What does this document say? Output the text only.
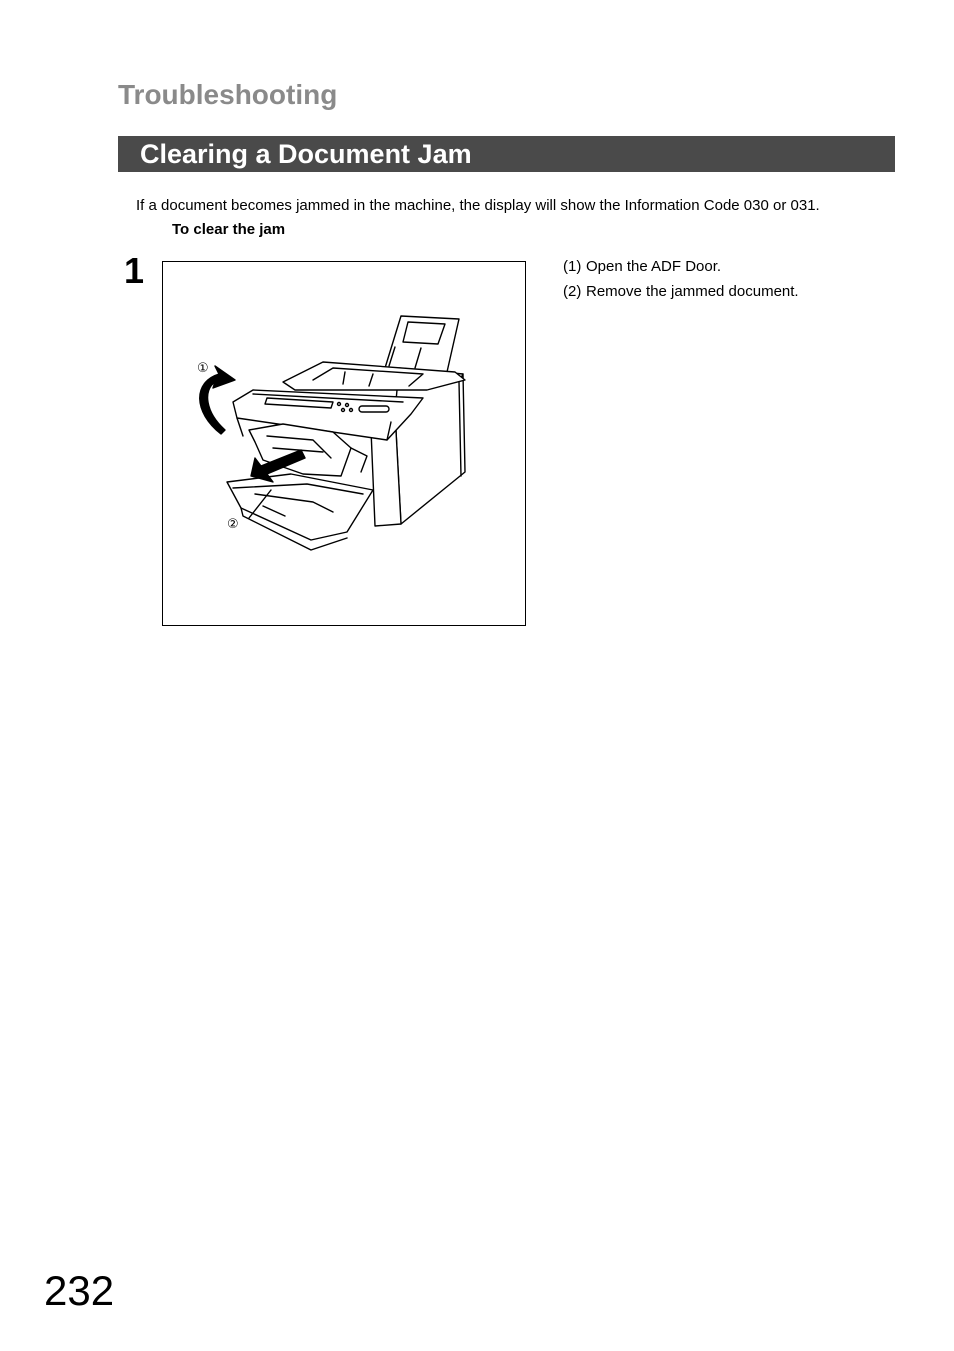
Troubleshooting
Clearing a Document Jam
If a document becomes jammed in the machine, the display will show the Information Code 030 or 031.
To clear the jam
1
①
②
(1) Open the ADF Door.
(2) Remove the jammed document.
232
